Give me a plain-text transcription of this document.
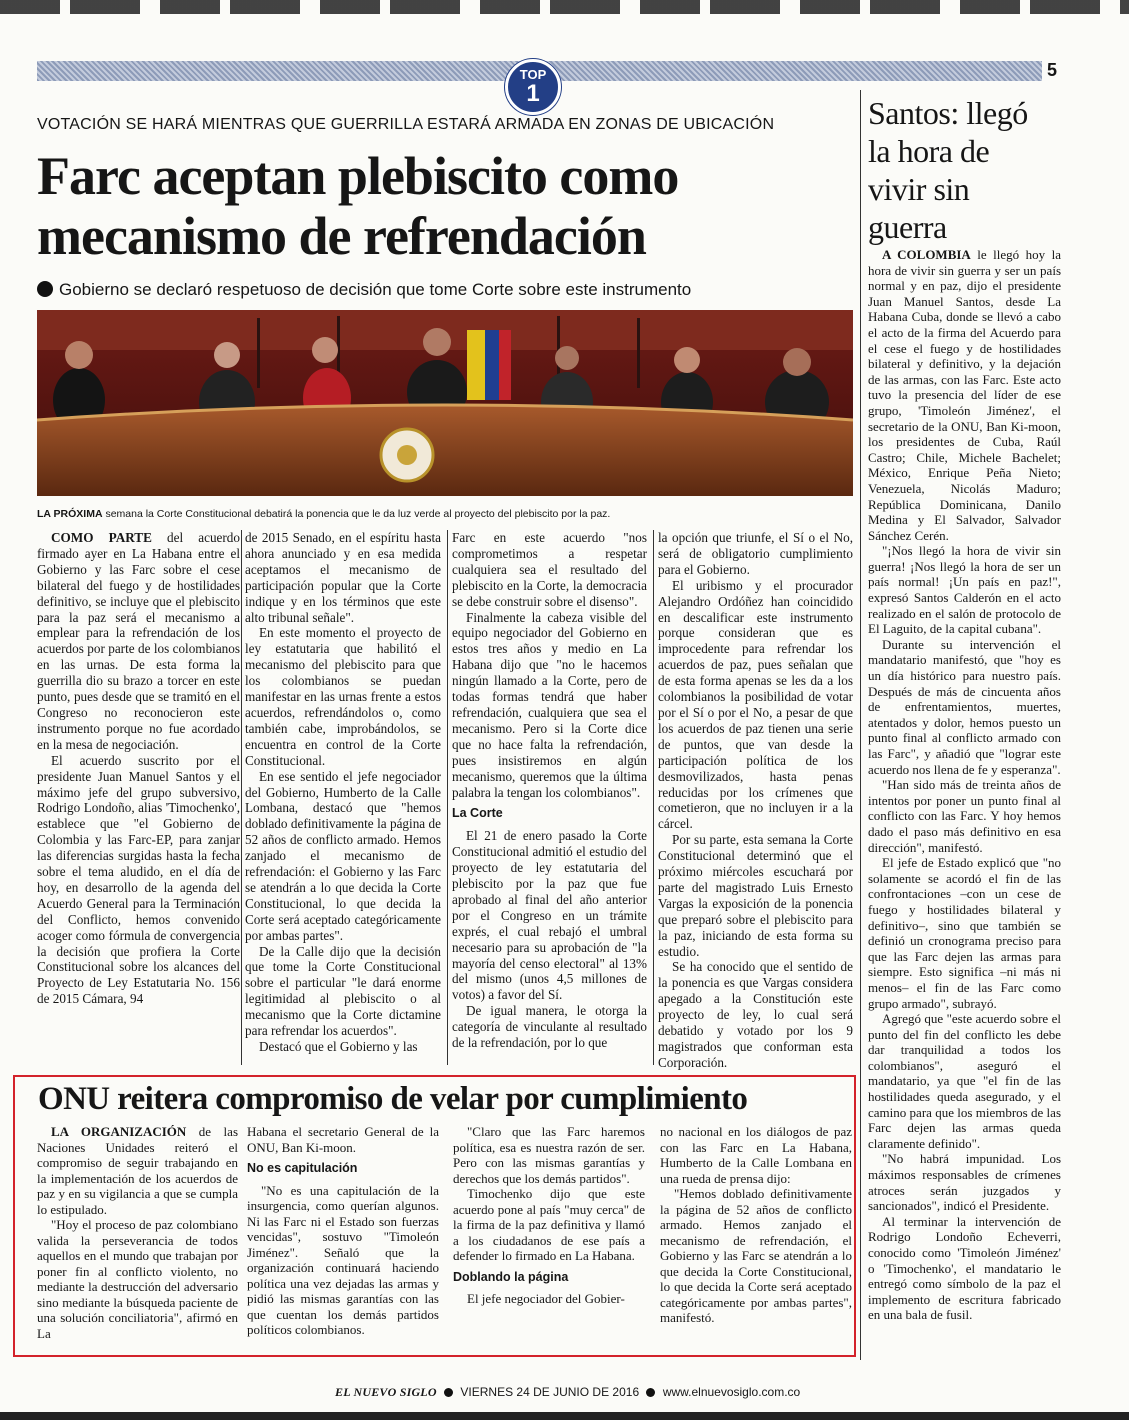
TOP
1
5
VOTACIÓN SE HARÁ MIENTRAS QUE GUERRILLA ESTARÁ ARMADA EN ZONAS DE UBICACIÓN
Farc aceptan plebiscito como
mecanismo de refrendación
Gobierno se declaró respetuoso de decisión que tome Corte sobre este instrumento
LA PRÓXIMA semana la Corte Constitucional debatirá la ponencia que le da luz verde al proyecto del plebiscito por la paz.

COMO PARTE del acuerdo firmado ayer en La Habana entre el Gobierno y las Farc sobre el cese bilateral del fuego y de hostilidades definitivo, se incluye que el plebiscito para la paz será el mecanismo a emplear para la refrendación de los acuerdos por parte de los colombianos en las urnas. De esta forma la guerrilla dio su brazo a torcer en este punto, pues desde que se tramitó en el Congreso no reconocieron este instrumento porque no fue acordado en la mesa de negociación.

El acuerdo suscrito por el presidente Juan Manuel Santos y el máximo jefe del grupo subversivo, Rodrigo Londoño, alias 'Timochenko', establece que "el Gobierno de Colombia y las Farc-EP, para zanjar las diferencias surgidas hasta la fecha sobre el tema aludido, en el día de hoy, en desarrollo de la agenda del Acuerdo General para la Terminación del Conflicto, hemos convenido acoger como fórmula de convergencia la decisión que profiera la Corte Constitucional sobre los alcances del Proyecto de Ley Estatutaria No. 156 de 2015 Cámara, 94

de 2015 Senado, en el espíritu hasta ahora anunciado y en esa medida aceptamos el mecanismo de participación popular que la Corte indique y en los términos que este alto tribunal señale".

En este momento el proyecto de ley estatutaria que habilitó el mecanismo del plebiscito para que los colombianos se puedan manifestar en las urnas frente a estos acuerdos, refrendándolos o, como también cabe, improbándolos, se encuentra en control de la Corte Constitucional.

En ese sentido el jefe negociador del Gobierno, Humberto de la Calle Lombana, destacó que "hemos doblado definitivamente la página de 52 años de conflicto armado. Hemos zanjado el mecanismo de refrendación: el Gobierno y las Farc se atendrán a lo que decida la Corte Constitucional, lo que decida la Corte será aceptado categóricamente por ambas partes".

De la Calle dijo que la decisión que tome la Corte Constitucional sobre el particular "le dará enorme legitimidad al plebiscito o al mecanismo que la Corte dictamine para refrendar los acuerdos".

Destacó que el Gobierno y las

Farc en este acuerdo "nos comprometimos a respetar cualquiera sea el resultado del plebiscito en la Corte, la democracia se debe construir sobre el disenso".

Finalmente la cabeza visible del equipo negociador del Gobierno en estos tres años y medio en La Habana dijo que "no le hacemos ningún llamado a la Corte, pero de todas formas tendrá que haber refrendación, cualquiera que sea el mecanismo. Pero si la Corte dice que no hace falta la refrendación, pues insistiremos en algún mecanismo, queremos que la última palabra la tengan los colombianos".

La Corte

El 21 de enero pasado la Corte Constitucional admitió el estudio del proyecto de ley estatutaria del plebiscito por la paz que fue aprobado al final del año anterior por el Congreso en un trámite exprés, el cual rebajó el umbral necesario para su aprobación de "la mayoría del censo electoral" al 13% del mismo (unos 4,5 millones de votos) a favor del Sí.

De igual manera, le otorga la categoría de vinculante al resultado de la refrendación, por lo que

la opción que triunfe, el Sí o el No, será de obligatorio cumplimiento para el Gobierno.

El uribismo y el procurador Alejandro Ordóñez han coincidido en descalificar este instrumento porque consideran que es improcedente para refrendar los acuerdos de paz, pues señalan que de esta forma apenas se les da a los colombianos la posibilidad de votar por el Sí o por el No, a pesar de que los acuerdos de paz tienen una serie de puntos, que van desde la participación política de los desmovilizados, hasta penas reducidas por los crímenes que cometieron, que no incluyen ir a la cárcel.

Por su parte, esta semana la Corte Constitucional determinó que el próximo miércoles escuchará por parte del magistrado Luis Ernesto Vargas la exposición de la ponencia que preparó sobre el plebiscito para la paz, iniciando de esta forma su estudio.

Se ha conocido que el sentido de la ponencia es que Vargas considera apegado a la Constitución este proyecto de ley, lo cual será debatido y votado por los 9 magistrados que conforman esta Corporación.

Santos: llegó
la hora de
vivir sin
guerra

A COLOMBIA le llegó hoy la hora de vivir sin guerra y ser un país normal y en paz, dijo el presidente Juan Manuel Santos, desde La Habana Cuba, donde se llevó a cabo el acto de la firma del Acuerdo para el cese el fuego y de hostilidades bilateral y definitivo, y la dejación de las armas, con las Farc. Este acto tuvo la presencia del líder de ese grupo, 'Timoleón Jiménez', el secretario de la ONU, Ban Ki-moon, los presidentes de Cuba, Raúl Castro; Chile, Michele Bachelet; México, Enrique Peña Nieto; Venezuela, Nicolás Maduro; República Dominicana, Danilo Medina y El Salvador, Salvador Sánchez Cerén.

"¡Nos llegó la hora de vivir sin guerra! ¡Nos llegó la hora de ser un país normal! ¡Un país en paz!", expresó Santos Calderón en el acto realizado en el salón de protocolo de El Laguito, de la capital cubana".

Durante su intervención el mandatario manifestó, que "hoy es un día histórico para nuestro país. Después de más de cincuenta años de enfrentamientos, muertes, atentados y dolor, hemos puesto un punto final al conflicto armado con las Farc", y añadió que "lograr este acuerdo nos llena de fe y esperanza".

"Han sido más de treinta años de intentos por poner un punto final al conflicto con las Farc. Y hoy hemos dado el paso más definitivo en esa dirección", manifestó.

El jefe de Estado explicó que "no solamente se acordó el fin de las confrontaciones –con un cese de fuego y hostilidades bilateral y definitivo–, sino que también se definió un cronograma preciso para que las Farc dejen las armas para siempre. Esto significa –ni más ni menos– el fin de las Farc como grupo armado", subrayó.

Agregó que "este acuerdo sobre el punto del fin del conflicto les debe dar tranquilidad a todos los colombianos", aseguró el mandatario, ya que "el fin de las hostilidades queda asegurado, y el camino para que los miembros de las Farc dejen las armas queda claramente definido".

"No habrá impunidad. Los máximos responsables de crímenes atroces serán juzgados y sancionados", indicó el Presidente.

Al terminar la intervención de Rodrigo Londoño Echeverri, conocido como 'Timoleón Jiménez' o 'Timochenko', el mandatario le entregó como símbolo de la paz el implemento de escritura fabricado en una bala de fusil.

ONU reitera compromiso de velar por cumplimiento

LA ORGANIZACIÓN de las Naciones Unidades reiteró el compromiso de seguir trabajando en la implementación de los acuerdos de paz y en su vigilancia a que se cumpla lo estipulado.

"Hoy el proceso de paz colombiano valida la perseverancia de todos aquellos en el mundo que trabajan por poner fin al conflicto violento, no mediante la destrucción del adversario sino mediante la búsqueda paciente de una solución conciliatoria", afirmó en La

Habana el secretario General de la ONU, Ban Ki-moon.

No es capitulación

"No es una capitulación de la insurgencia, como querían algunos. Ni las Farc ni el Estado son fuerzas vencidas", sostuvo "Timoleón Jiménez". Señaló que la organización continuará haciendo política una vez dejadas las armas y pidió las mismas garantías con las que cuentan los demás partidos políticos colombianos.

"Claro que las Farc haremos política, esa es nuestra razón de ser. Pero con las mismas garantías y derechos que los demás partidos".

Timochenko dijo que este acuerdo pone al país "muy cerca" de la firma de la paz definitiva y llamó a los ciudadanos de ese país a defender lo firmado en La Habana.

Doblando la página

El jefe negociador del Gobier-

no nacional en los diálogos de paz con las Farc en La Habana, Humberto de la Calle Lombana en una rueda de prensa dijo:

"Hemos doblado definitivamente la página de 52 años de conflicto armado. Hemos zanjado el mecanismo de refrendación, el Gobierno y las Farc se atendrán a lo que decida la Corte Constitucional, lo que decida la Corte será aceptado categóricamente por ambas partes", manifestó.

EL NUEVO SIGLO VIERNES 24 DE JUNIO DE 2016 www.elnuevosiglo.com.co
